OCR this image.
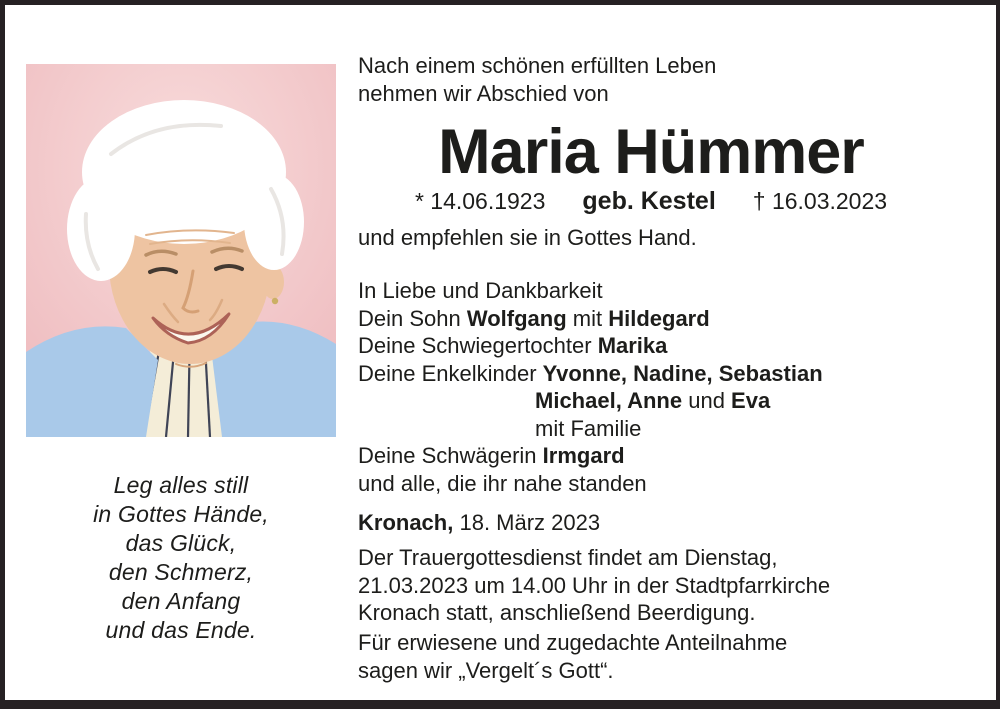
Leg alles still
in Gottes Hände,
das Glück,
den Schmerz,
den Anfang
und das Ende.
Nach einem schönen erfüllten Leben
nehmen wir Abschied von
Maria Hümmer
* 14.06.1923 geb. Kestel † 16.03.2023
und empfehlen sie in Gottes Hand.
In Liebe und Dankbarkeit
Dein Sohn Wolfgang mit Hildegard
Deine Schwiegertochter Marika
Deine Enkelkinder Yvonne, Nadine, Sebastian
Michael, Anne und Eva
mit Familie
Deine Schwägerin Irmgard
und alle, die ihr nahe standen
Kronach, 18. März 2023
Der Trauergottesdienst findet am Dienstag,
21.03.2023 um 14.00 Uhr in der Stadtpfarrkirche
Kronach statt, anschließend Beerdigung.
Für erwiesene und zugedachte Anteilnahme
sagen wir „Vergelt´s Gott“.
